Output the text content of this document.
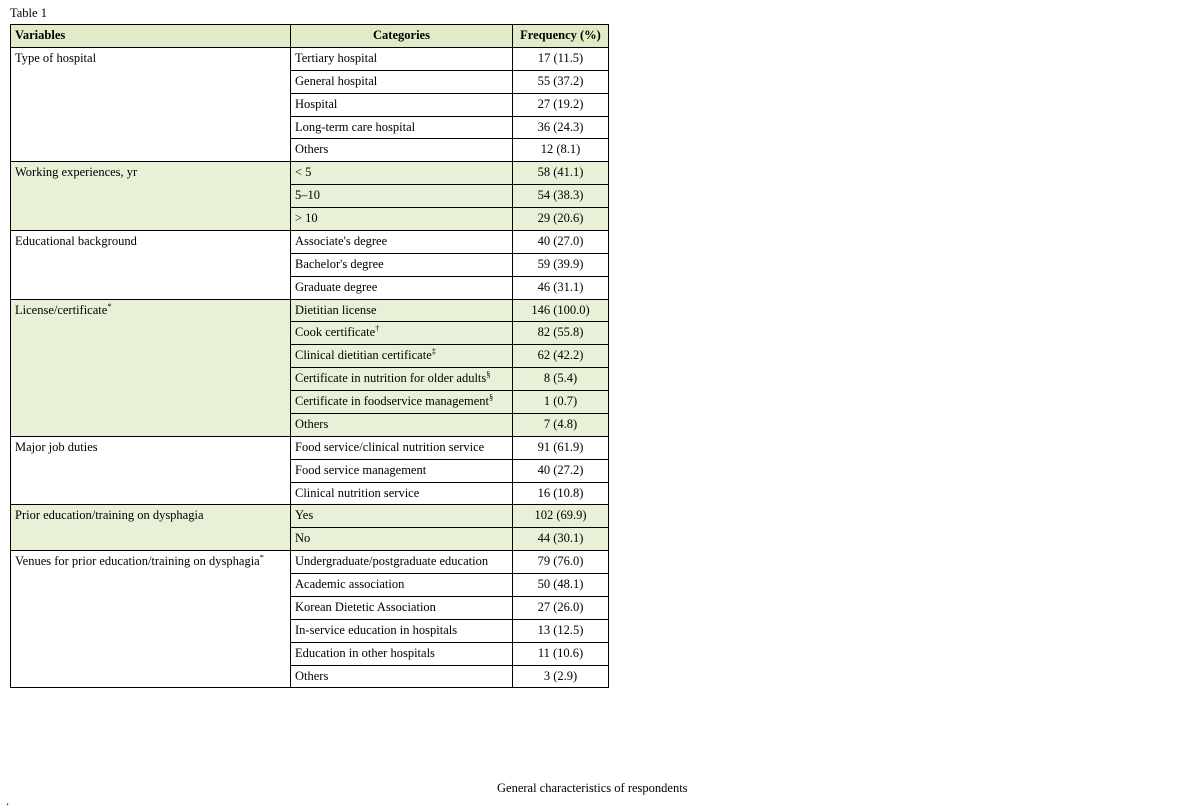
Table 1
Variables	Categories	Frequency (%)
Type of hospital	Tertiary hospital	17 (11.5)
	General hospital	55 (37.2)
	Hospital	27 (19.2)
	Long-term care hospital	36 (24.3)
	Others	12 (8.1)
Working experiences, yr	< 5	58 (41.1)
	5–10	54 (38.3)
	> 10	29 (20.6)
Educational background	Associate's degree	40 (27.0)
	Bachelor's degree	59 (39.9)
	Graduate degree	46 (31.1)
License/certificate*	Dietitian license	146 (100.0)
	Cook certificate†	82 (55.8)
	Clinical dietitian certificate‡	62 (42.2)
	Certificate in nutrition for older adults§	8 (5.4)
	Certificate in foodservice management§	1 (0.7)
	Others	7 (4.8)
Major job duties	Food service/clinical nutrition service	91 (61.9)
	Food service management	40 (27.2)
	Clinical nutrition service	16 (10.8)
Prior education/training on dysphagia	Yes	102 (69.9)
	No	44 (30.1)
Venues for prior education/training on dysphagia*	Undergraduate/postgraduate education	79 (76.0)
	Academic association	50 (48.1)
	Korean Dietetic Association	27 (26.0)
	In-service education in hospitals	13 (12.5)
	Education in other hospitals	11 (10.6)
	Others	3 (2.9)
General characteristics of respondents
.
